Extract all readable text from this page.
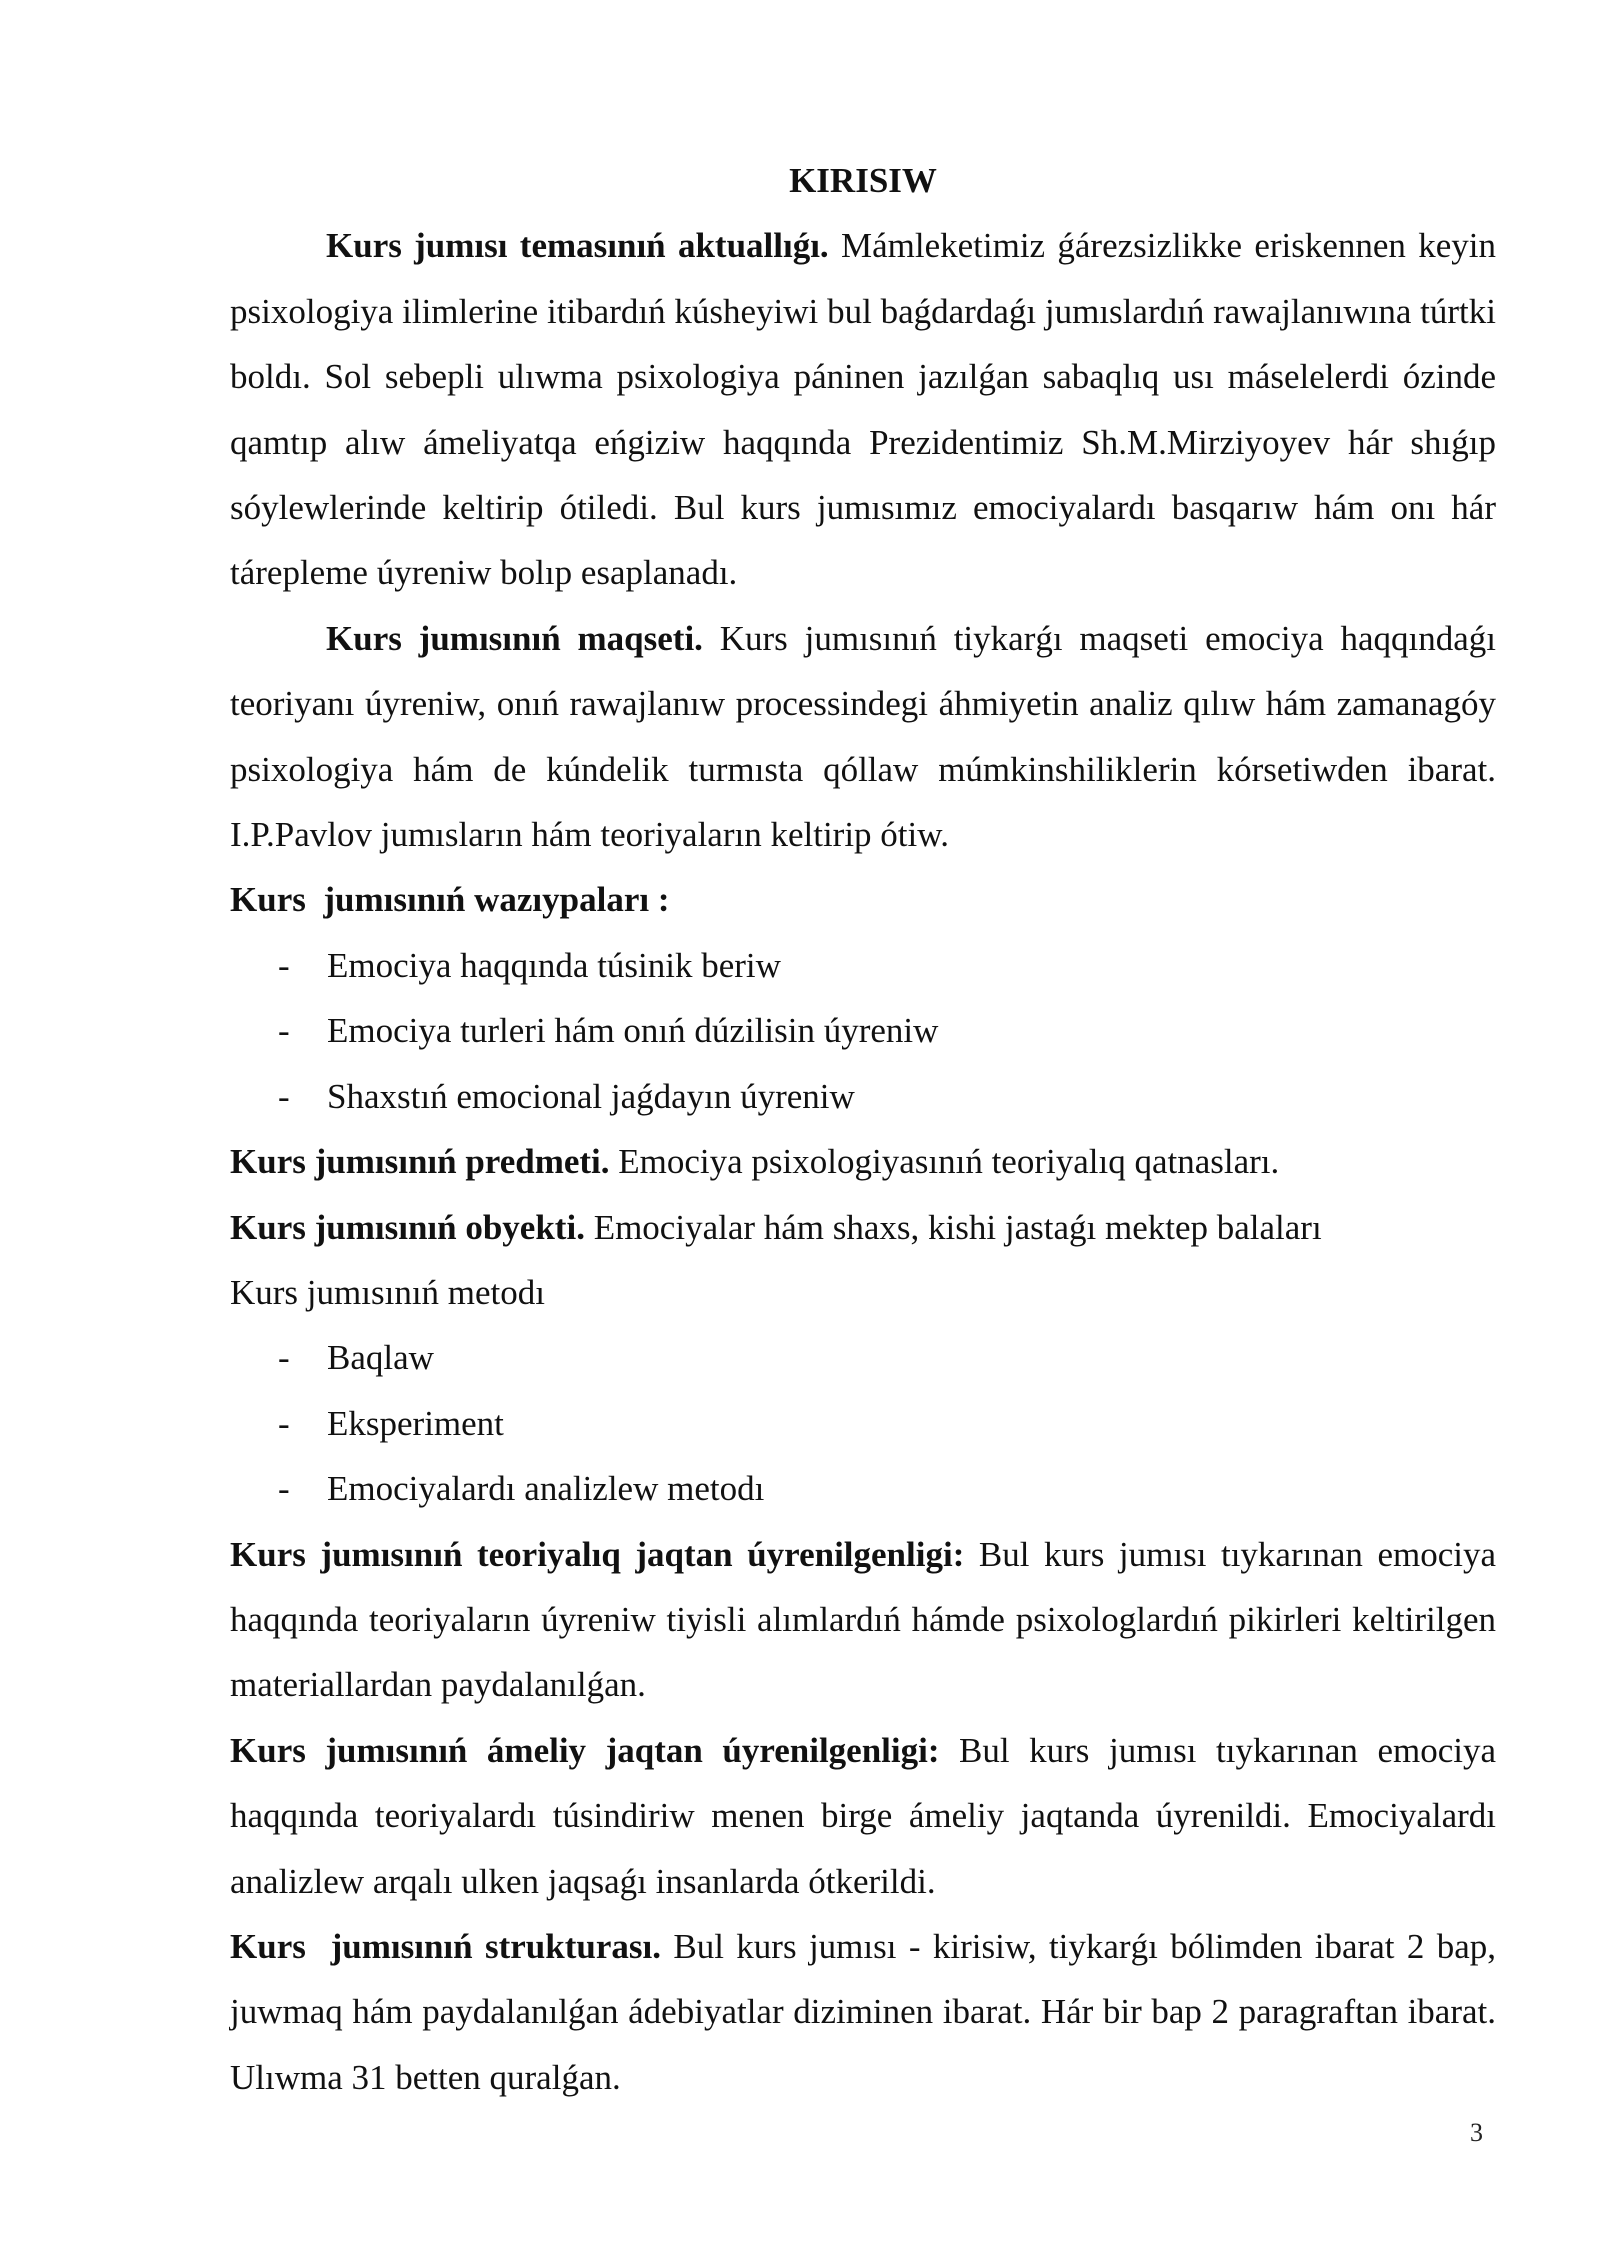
KIRISIW

Kurs jumısı temasınıń aktuallıǵı. Mámleketimiz ǵárezsizlikke eriskennen keyin psixologiya ilimlerine itibardıń kúsheyiwi bul baǵdardaǵı jumıslardıń rawajlanıwına túrtki boldı. Sol sebepli ulıwma psixologiya páninen jazılǵan sabaqlıq usı máselelerdi ózinde qamtıp alıw ámeliyatqa eńgiziw haqqında Prezidentimiz Sh.M.Mirziyoyev hár shıǵıp sóylewlerinde keltirip ótiledi. Bul kurs jumısımız emociyalardı basqarıw hám onı hár tárepleme úyreniw bolıp esaplanadı.

Kurs jumısınıń maqseti. Kurs jumısınıń tiykarǵı maqseti emociya haqqındaǵı teoriyanı úyreniw, onıń rawajlanıw processindegi áhmiyetin analiz qılıw hám zamanagóy psixologiya hám de kúndelik turmısta qóllaw múmkinshiliklerin kórsetiwden ibarat. I.P.Pavlov jumısların hám teoriyaların keltirip ótiw.

Kurs  jumısınıń wazıypaları :

- Emociya haqqında túsinik beriw
- Emociya turleri hám onıń dúzilisin úyreniw
- Shaxstıń emocional jaǵdayın úyreniw

Kurs jumısınıń predmeti. Emociya psixologiyasınıń teoriyalıq qatnasları.

Kurs jumısınıń obyekti. Emociyalar hám shaxs, kishi jastaǵı mektep balaları

Kurs jumısınıń metodı

- Baqlaw
- Eksperiment
- Emociyalardı analizlew metodı

Kurs jumısınıń teoriyalıq jaqtan úyrenilgenligi: Bul kurs jumısı tıykarınan emociya haqqında teoriyaların úyreniw tiyisli alımlardıń hámde psixologlardıń pikirleri keltirilgen materiallardan paydalanılǵan.

Kurs jumısınıń ámeliy jaqtan úyrenilgenligi: Bul kurs jumısı tıykarınan emociya haqqında teoriyalardı túsindiriw menen birge ámeliy jaqtanda úyrenildi. Emociyalardı analizlew arqalı ulken jaqsaǵı insanlarda ótkerildi.

Kurs  jumısınıń strukturası. Bul kurs jumısı - kirisiw, tiykarǵı bólimden ibarat 2 bap, juwmaq hám paydalanılǵan ádebiyatlar diziminen ibarat. Hár bir bap 2 paragraftan ibarat. Ulıwma 31 betten quralǵan.

3
